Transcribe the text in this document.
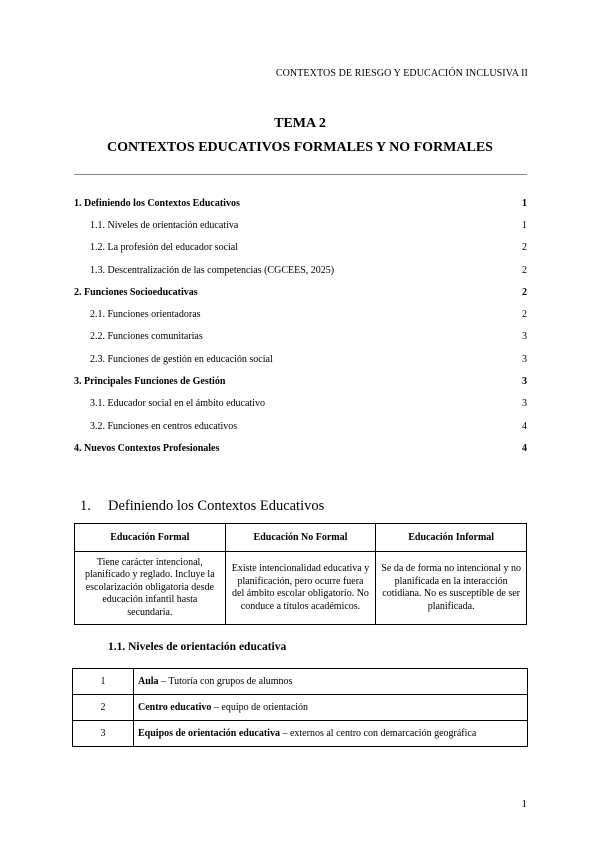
CONTEXTOS DE RIESGO Y EDUCACIÓN INCLUSIVA II
TEMA 2
CONTEXTOS EDUCATIVOS FORMALES Y NO FORMALES
1. Definiendo los Contextos Educativos	1
1.1. Niveles de orientación educativa	1
1.2. La profesión del educador social	2
1.3. Descentralización de las competencias (CGCEES, 2025)	2
2. Funciones Socioeducativas	2
2.1. Funciones orientadoras	2
2.2. Funciones comunitarias	3
2.3. Funciones de gestión en educación social	3
3. Principales Funciones de Gestión	3
3.1. Educador social en el ámbito educativo	3
3.2. Funciones en centros educativos	4
4. Nuevos Contextos Profesionales	4
1. Definiendo los Contextos Educativos
Educación Formal	Educación No Formal	Educación Informal
Tiene carácter intencional, planificado y reglado. Incluye la escolarización obligatoria desde educación infantil hasta secundaria.	Existe intencionalidad educativa y planificación, pero ocurre fuera del ámbito escolar obligatorio. No conduce a títulos académicos.	Se da de forma no intencional y no planificada en la interacción cotidiana. No es susceptible de ser planificada.
1.1. Niveles de orientación educativa
1	Aula – Tutoría con grupos de alumnos
2	Centro educativo – equipo de orientación
3	Equipos de orientación educativa – externos al centro con demarcación geográfica
1
